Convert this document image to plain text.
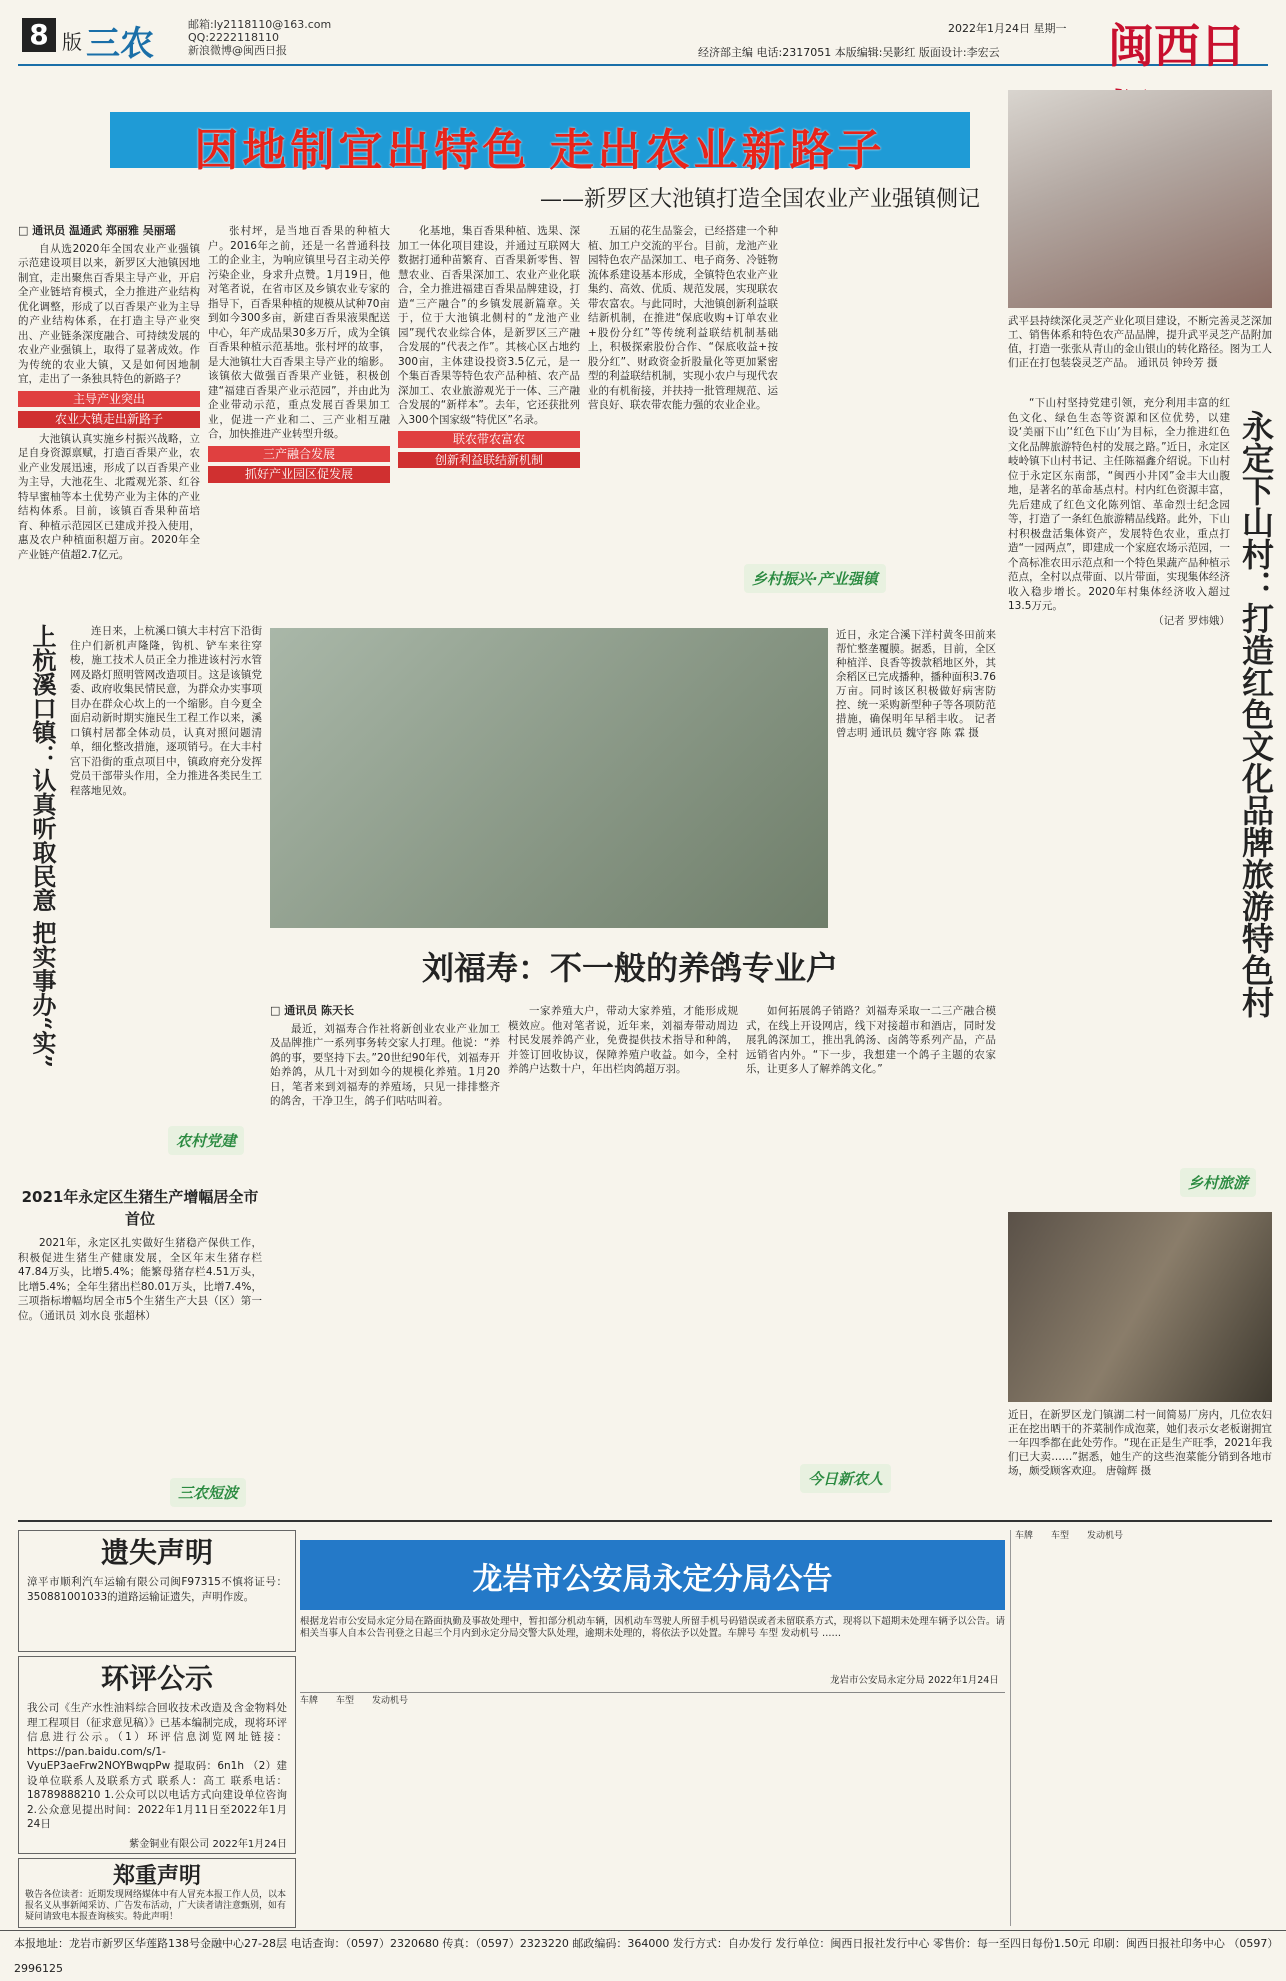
8 版 三农	邮箱:ly2118110@163.com
QQ:2222118110
新浪微博@闽西日报
2022年1月24日 星期一
经济部主编 电话:2317051 本版编辑:吴影红 版面设计:李宏云 闽西日
因地制宜出特色 走出农业新路子
——新罗区大池镇打造全国农业产业强镇侧记
□ 通讯员 温通武 郑丽雅 吴丽瑶

自从选2020年全国农业产业强镇示范建设项目以来，新罗区大池镇因地制宜，走出聚焦百香果主导产业，开启全产业链培育模式，全力推进产业结构优化调整，形成了以百香果产业为主导的产业结构体系，在打造主导产业突出、产业链条深度融合、可持续发展的农业产业强镇上，取得了显著成效。作为传统的农业大镇，又是如何因地制宜，走出了一条独具特色的新路子？

主导产业突出
农业大镇走出新路子

大池镇认真实施乡村振兴战略，立足自身资源禀赋，打造百香果产业，农业产业发展迅速，形成了以百香果产业为主导，大池花生、北霞观光茶、红谷特早蜜柚等本土优势产业为主体的产业结构体系。目前，该镇百香果种苗培育、种植示范园区已建成并投入使用，惠及农户种植面积超万亩。2020年全产业链产值超2.7亿元。

张村坪，是当地百香果的种植大户。2016年之前，还是一名普通科技工的企业主，为响应镇里号召主动关停污染企业，身求升点赞。1月19日，他对笔者说，在省市区及乡镇农业专家的指导下，百香果种植的规模从试种70亩到如今300多亩，新建百香果液果配送中心，年产成品果30多万斤，成为全镇百香果种植示范基地。张村坪的故事，是大池镇壮大百香果主导产业的缩影。该镇依大做强百香果产业链，积极创建“福建百香果产业示范园”，并由此为企业带动示范，重点发展百香果加工业，促进一产业和二、三产业相互融合，加快推进产业转型升级。

三产融合发展
抓好产业园区促发展

化基地，集百香果种植、选果、深加工一体化项目建设，并通过互联网大数据打通种苗繁育、百香果新零售、智慧农业、百香果深加工、农业产业化联合，全力推进福建百香果品牌建设，打造“三产融合”的乡镇发展新篇章。关于，位于大池镇北侧村的“龙池产业园”现代农业综合体，是新罗区三产融合发展的“代表之作”。其核心区占地约300亩，主体建设投资3.5亿元，是一个集百香果等特色农产品种植、农产品深加工、农业旅游观光于一体、三产融合发展的“新样本”。去年，它还获批列入300个国家级“特优区”名录。

联农带农富农
创新利益联结新机制

五届的花生品鉴会，已经搭建一个种植、加工户交流的平台。目前，龙池产业园特色农产品深加工、电子商务、冷链物流体系建设基本形成，全镇特色农业产业集约、高效、优质、规范发展，实现联农带农富农。与此同时，大池镇创新利益联结新机制，在推进“保底收购+订单农业+股份分红”等传统利益联结机制基础上，积极探索股份合作、“保底收益+按股分红”、财政资金折股量化等更加紧密型的利益联结机制，实现小农户与现代农业的有机衔接，并扶持一批管理规范、运营良好、联农带农能力强的农业企业。

乡村振兴·产业强镇
武平县持续深化灵芝产业化项目建设，不断完善灵芝深加工、销售体系和特色农产品品牌，提升武平灵芝产品附加值，打造一张张从青山的金山银山的转化路径。图为工人们正在打包装袋灵芝产品。 通讯员 钟玲芳 摄
永定下山村：打造红色文化品牌旅游特色村

“下山村坚持党建引领，充分利用丰富的红色文化、绿色生态等资源和区位优势，以建设‘美丽下山’‘红色下山’为目标，全力推进红色文化品牌旅游特色村的发展之路。”近日，永定区岐岭镇下山村书记、主任陈福鑫介绍说。下山村位于永定区东南部，“闽西小井冈”金丰大山腹地，是著名的革命基点村。村内红色资源丰富，先后建成了红色文化陈列馆、革命烈士纪念园等，打造了一条红色旅游精品线路。此外，下山村积极盘活集体资产，发展特色农业，重点打造“一园两点”，即建成一个家庭农场示范园，一个高标准农田示范点和一个特色果蔬产品种植示范点，全村以点带面、以片带面，实现集体经济收入稳步增长。2020年村集体经济收入超过13.5万元。

（记者 罗炜娥）
乡村旅游
近日，在新罗区龙门镇湖二村一间简易厂房内，几位农妇正在挖出晒干的芥菜制作成泡菜，她们表示女老板谢拥宜一年四季都在此处劳作。“现在正是生产旺季，2021年我们已大卖……”据悉，她生产的这些泡菜能分销到各地市场，颇受顾客欢迎。 唐翰辉 摄
上杭溪口镇：认真听取民意 把实事办“实”	连日来，上杭溪口镇大丰村宫下沿街住户们新机声隆隆，钩机、铲车来往穿梭，施工技术人员正全力推进该村污水管网及路灯照明管网改造项目。这是该镇党委、政府收集民情民意，为群众办实事项目办在群众心坎上的一个缩影。自今夏全面启动新时期实施民生工程工作以来，溪口镇村居都全体动员，认真对照问题清单，细化整改措施，逐项销号。在大丰村宫下沿街的重点项目中，镇政府充分发挥党员干部带头作用，全力推进各类民生工程落地见效。

农村党建
近日，永定合溪下洋村黄冬田前来帮忙整垄覆膜。据悉，目前，全区种植洋、良香等拨款稻地区外，其余稻区已完成播种，播种面积3.76万亩。同时该区积极做好病害防控、统一采购新型种子等各项防范措施，确保明年早稻丰收。 记者 曾志明 通讯员 魏守容 陈 霖 摄
刘福寿：不一般的养鸽专业户
□ 通讯员 陈天长

最近，刘福寿合作社将新创业农业产业加工及品牌推广一系列事务转交家人打理。他说：“养鸽的事，要坚持下去。”20世纪90年代，刘福寿开始养鸽，从几十对到如今的规模化养殖。1月20日，笔者来到刘福寿的养殖场，只见一排排整齐的鸽舍，干净卫生，鸽子们咕咕叫着。

一家养殖大户，带动大家养殖，才能形成规模效应。他对笔者说，近年来，刘福寿带动周边村民发展养鸽产业，免费提供技术指导和种鸽，并签订回收协议，保障养殖户收益。如今，全村养鸽户达数十户，年出栏肉鸽超万羽。

如何拓展鸽子销路？刘福寿采取一二三产融合模式，在线上开设网店，线下对接超市和酒店，同时发展乳鸽深加工，推出乳鸽汤、卤鸽等系列产品，产品远销省内外。“下一步，我想建一个鸽子主题的农家乐，让更多人了解养鸽文化。”

今日新农人
2021年永定区生猪生产增幅居全市首位

2021年，永定区扎实做好生猪稳产保供工作，积极促进生猪生产健康发展，全区年末生猪存栏47.84万头，比增5.4%；能繁母猪存栏4.51万头，比增5.4%；全年生猪出栏80.01万头，比增7.4%，三项指标增幅均居全市5个生猪生产大县（区）第一位。（通讯员 刘水良 张超林）

三农短波
遗失声明
漳平市顺利汽车运输有限公司闽F97315不慎将证号：350881001033的道路运输证遗失，声明作废。
环评公示
我公司《生产水性油料综合回收技术改造及含金物料处理工程项目（征求意见稿）》已基本编制完成，现将环评信息进行公示。（1）环评信息浏览网址链接：https://pan.baidu.com/s/1-VyuEP3aeFrw2NOYBwqpPw 提取码：6n1h （2）建设单位联系人及联系方式 联系人：高工 联系电话：18789888210 1.公众可以以电话方式向建设单位咨询 2.公众意见提出时间：2022年1月11日至2022年1月24日
紫金铜业有限公司 2022年1月24日
郑重声明
敬告各位读者：近期发现网络媒体中有人冒充本报工作人员，以本报名义从事新闻采访、广告发布活动，广大读者请注意甄别，如有疑问请致电本报查询核实。特此声明！
龙岩市公安局永定分局公告
根据龙岩市公安局永定分局在路面执勤及事故处理中，暂扣部分机动车辆，因机动车驾驶人所留手机号码错误或者未留联系方式，现将以下超期未处理车辆予以公告。请相关当事人自本公告刊登之日起三个月内到永定分局交警大队处理，逾期未处理的，将依法予以处置。车牌号 车型 发动机号 ……
龙岩市公安局永定分局 2022年1月24日
车牌 车型 发动机号
车牌 车型 发动机号
本报地址：龙岩市新罗区华莲路138号金融中心27-28层 电话查询：（0597）2320680 传真：（0597）2323220 邮政编码：364000 发行方式：自办发行 发行单位：闽西日报社发行中心 零售价：每一至四日每份1.50元 印刷：闽西日报社印务中心 （0597）2996125
